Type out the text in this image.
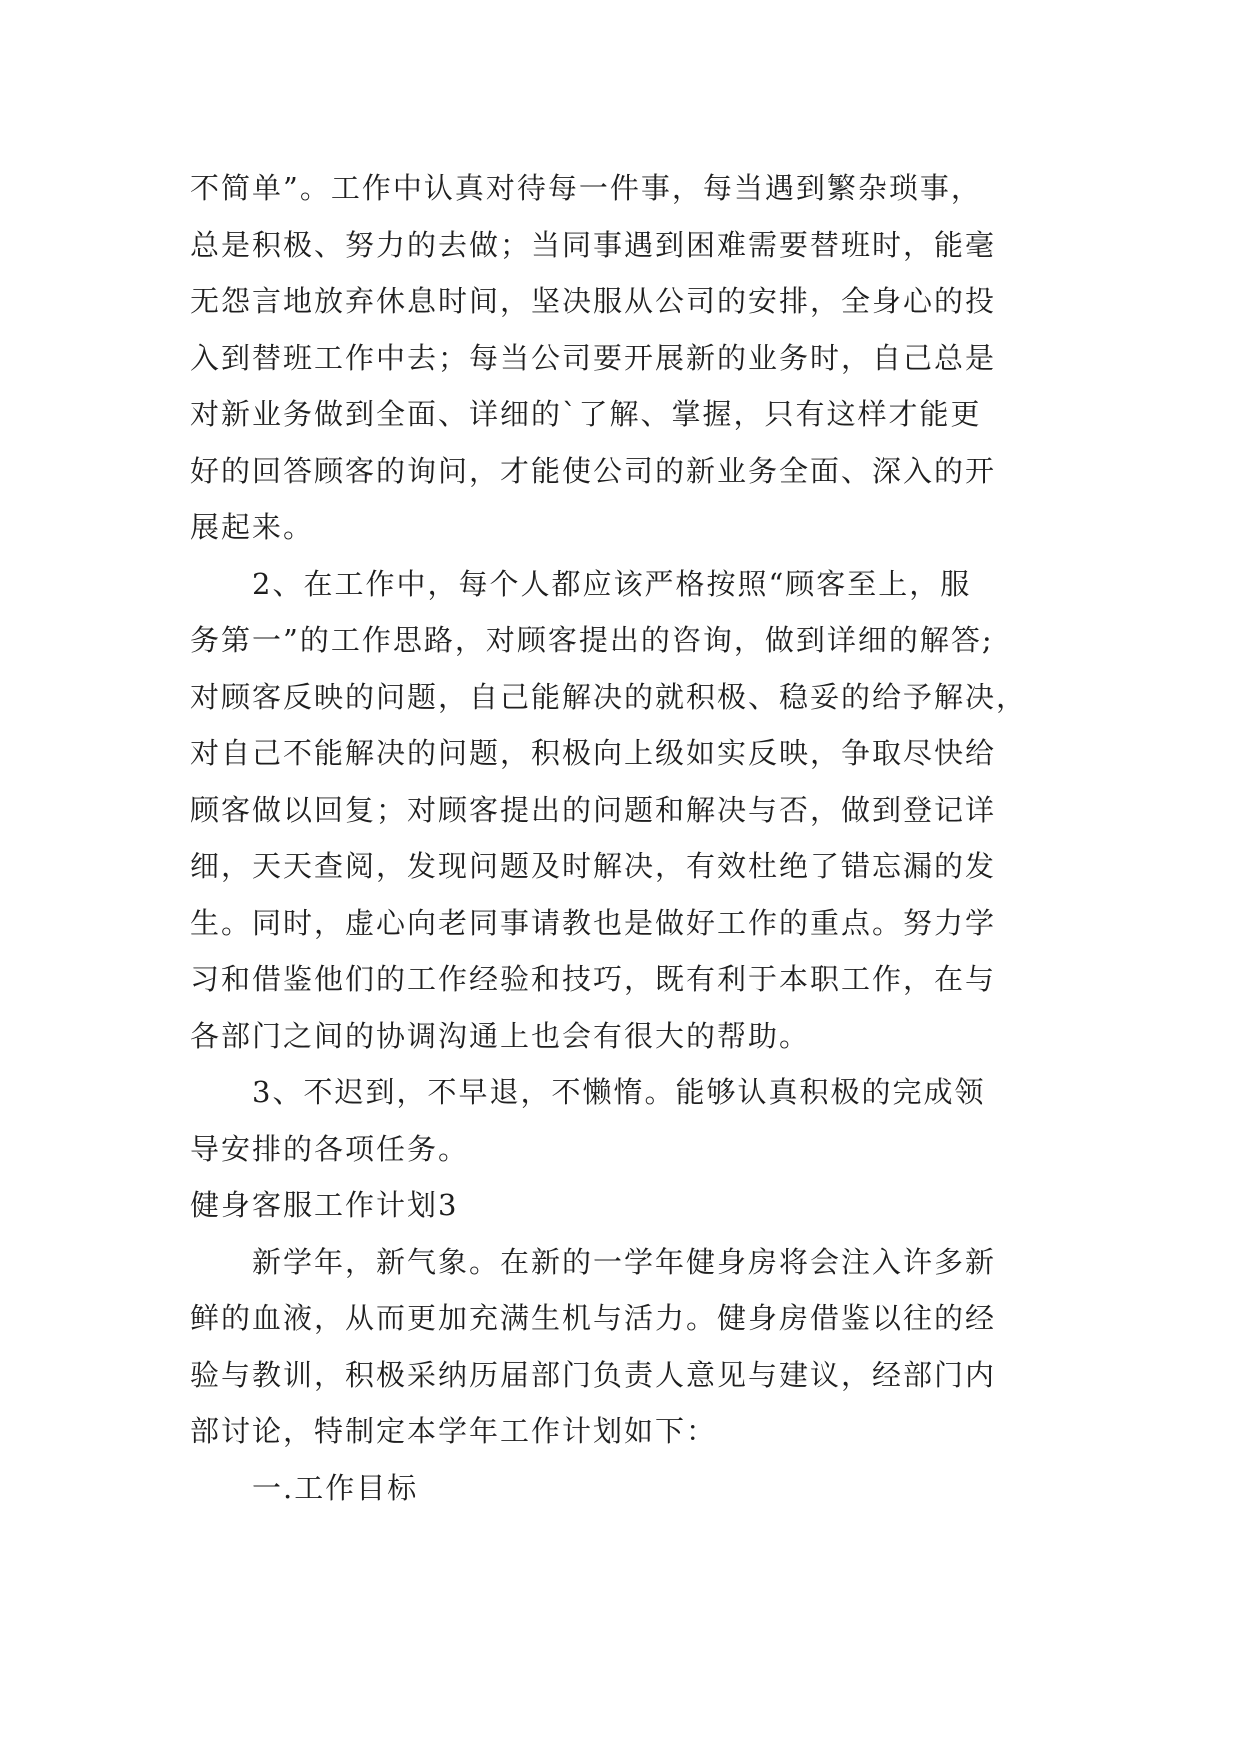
不简单”。工作中认真对待每一件事，每当遇到繁杂琐事，
总是积极、努力的去做；当同事遇到困难需要替班时，能毫
无怨言地放弃休息时间，坚决服从公司的安排，全身心的投
入到替班工作中去；每当公司要开展新的业务时，自己总是
对新业务做到全面、详细的`了解、掌握，只有这样才能更
好的回答顾客的询问，才能使公司的新业务全面、深入的开
展起来。
2、在工作中，每个人都应该严格按照“顾客至上，服
务第一”的工作思路，对顾客提出的咨询，做到详细的解答;
对顾客反映的问题，自己能解决的就积极、稳妥的给予解决，
对自己不能解决的问题，积极向上级如实反映，争取尽快给
顾客做以回复；对顾客提出的问题和解决与否，做到登记详
细，天天查阅，发现问题及时解决，有效杜绝了错忘漏的发
生。同时，虚心向老同事请教也是做好工作的重点。努力学
习和借鉴他们的工作经验和技巧，既有利于本职工作，在与
各部门之间的协调沟通上也会有很大的帮助。
3、不迟到，不早退，不懒惰。能够认真积极的完成领
导安排的各项任务。
健身客服工作计划3
新学年，新气象。在新的一学年健身房将会注入许多新
鲜的血液，从而更加充满生机与活力。健身房借鉴以往的经
验与教训，积极采纳历届部门负责人意见与建议，经部门内
部讨论，特制定本学年工作计划如下：
一.工作目标
